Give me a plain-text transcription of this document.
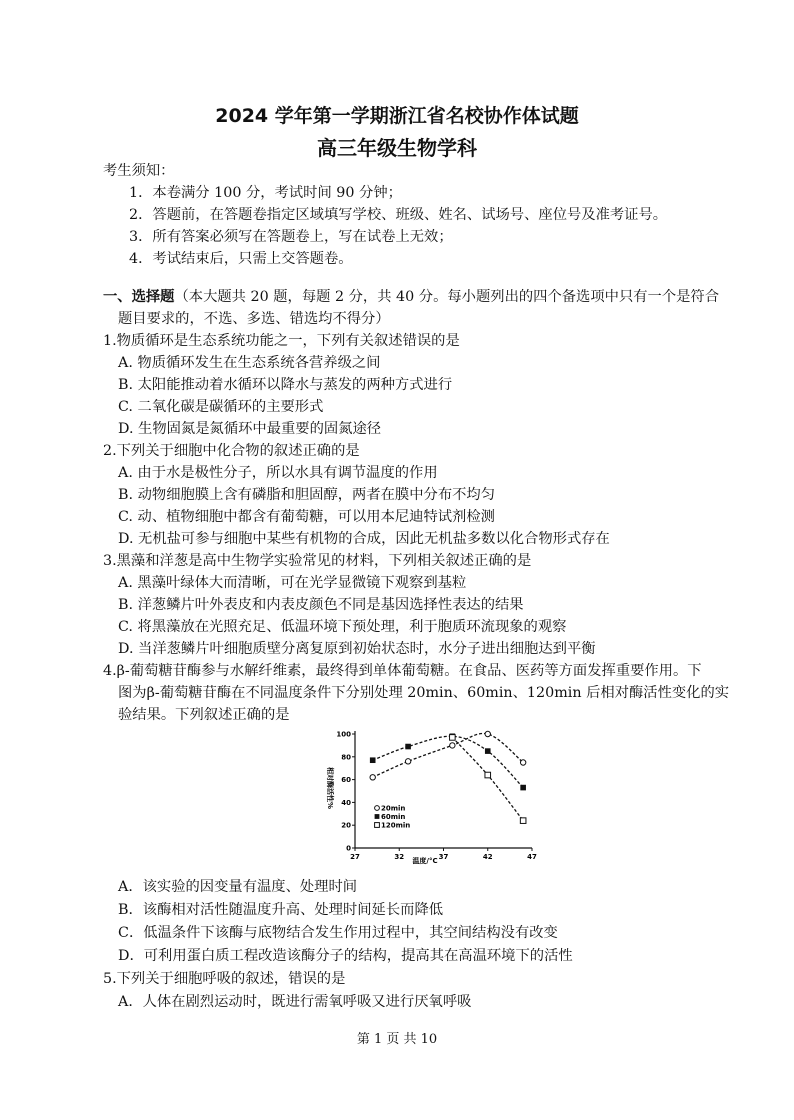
2024 学年第一学期浙江省名校协作体试题
高三年级生物学科
考生须知：
1．本卷满分 100 分，考试时间 90 分钟；
2．答题前，在答题卷指定区域填写学校、班级、姓名、试场号、座位号及准考证号。
3．所有答案必须写在答题卷上，写在试卷上无效；
4．考试结束后，只需上交答题卷。
一、选择题（本大题共 20 题，每题 2 分，共 40 分。每小题列出的四个备选项中只有一个是符合
题目要求的，不选、多选、错选均不得分）
1.物质循环是生态系统功能之一，下列有关叙述错误的是
A. 物质循环发生在生态系统各营养级之间
B. 太阳能推动着水循环以降水与蒸发的两种方式进行
C. 二氧化碳是碳循环的主要形式
D. 生物固氮是氮循环中最重要的固氮途径
2.下列关于细胞中化合物的叙述正确的是
A. 由于水是极性分子，所以水具有调节温度的作用
B. 动物细胞膜上含有磷脂和胆固醇，两者在膜中分布不均匀
C. 动、植物细胞中都含有葡萄糖，可以用本尼迪特试剂检测
D. 无机盐可参与细胞中某些有机物的合成，因此无机盐多数以化合物形式存在
3.黑藻和洋葱是高中生物学实验常见的材料，下列相关叙述正确的是
A. 黑藻叶绿体大而清晰，可在光学显微镜下观察到基粒
B. 洋葱鳞片叶外表皮和内表皮颜色不同是基因选择性表达的结果
C. 将黑藻放在光照充足、低温环境下预处理，利于胞质环流现象的观察
D. 当洋葱鳞片叶细胞质壁分离复原到初始状态时，水分子进出细胞达到平衡
4.β-葡萄糖苷酶参与水解纤维素，最终得到单体葡萄糖。在食品、医药等方面发挥重要作用。下
图为β-葡萄糖苷酶在不同温度条件下分别处理 20min、60min、120min 后相对酶活性变化的实
验结果。下列叙述正确的是
27	32	37	42	47
0
20
40
60
80
100
20min
60min
120min
温度/°C
相对酶活性%
A．该实验的因变量有温度、处理时间
B．该酶相对活性随温度升高、处理时间延长而降低
C．低温条件下该酶与底物结合发生作用过程中，其空间结构没有改变
D．可利用蛋白质工程改造该酶分子的结构，提高其在高温环境下的活性
5.下列关于细胞呼吸的叙述，错误的是
A．人体在剧烈运动时，既进行需氧呼吸又进行厌氧呼吸
第 1 页 共 10
